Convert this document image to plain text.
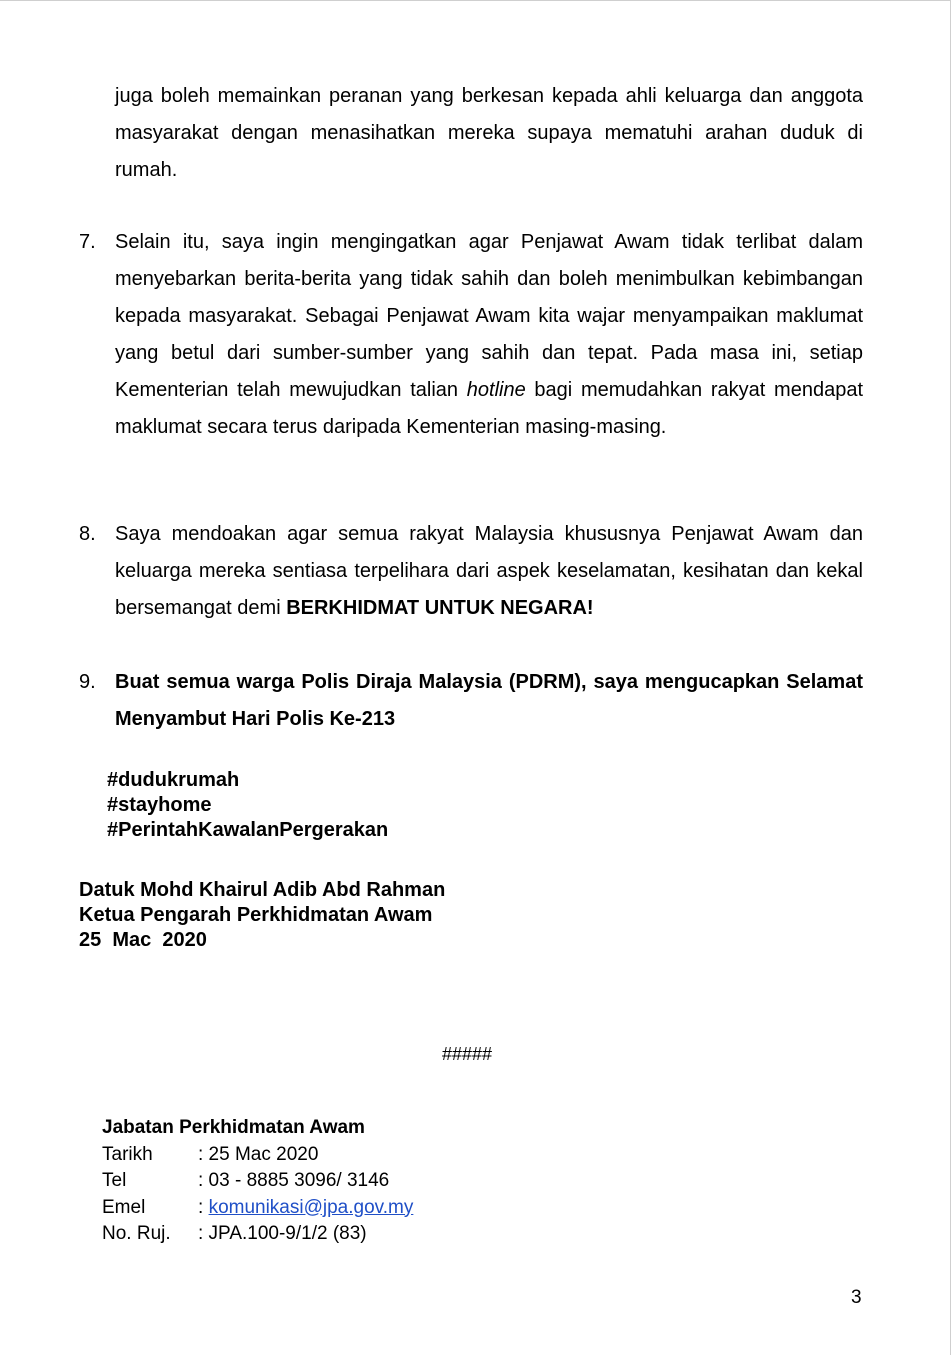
juga boleh memainkan peranan yang berkesan kepada ahli keluarga dan anggota masyarakat dengan menasihatkan mereka supaya mematuhi arahan duduk di rumah.

7. Selain itu, saya ingin mengingatkan agar Penjawat Awam tidak terlibat dalam menyebarkan berita-berita yang tidak sahih dan boleh menimbulkan kebimbangan kepada masyarakat. Sebagai Penjawat Awam kita wajar menyampaikan maklumat yang betul dari sumber-sumber yang sahih dan tepat. Pada masa ini, setiap Kementerian telah mewujudkan talian hotline bagi memudahkan rakyat mendapat maklumat secara terus daripada Kementerian masing-masing.

8. Saya mendoakan agar semua rakyat Malaysia khususnya Penjawat Awam dan keluarga mereka sentiasa terpelihara dari aspek keselamatan, kesihatan dan kekal bersemangat demi BERKHIDMAT UNTUK NEGARA!

9. Buat semua warga Polis Diraja Malaysia (PDRM), saya mengucapkan Selamat Menyambut Hari Polis Ke-213

#dudukrumah
#stayhome
#PerintahKawalanPergerakan
Datuk Mohd Khairul Adib Abd Rahman
Ketua Pengarah Perkhidmatan Awam
25  Mac  2020
#####
Jabatan Perkhidmatan Awam
Tarikh	: 25 Mac 2020
Tel	: 03 - 8885 3096/ 3146
Emel	: komunikasi@jpa.gov.my
No. Ruj.	: JPA.100-9/1/2 (83)
3
